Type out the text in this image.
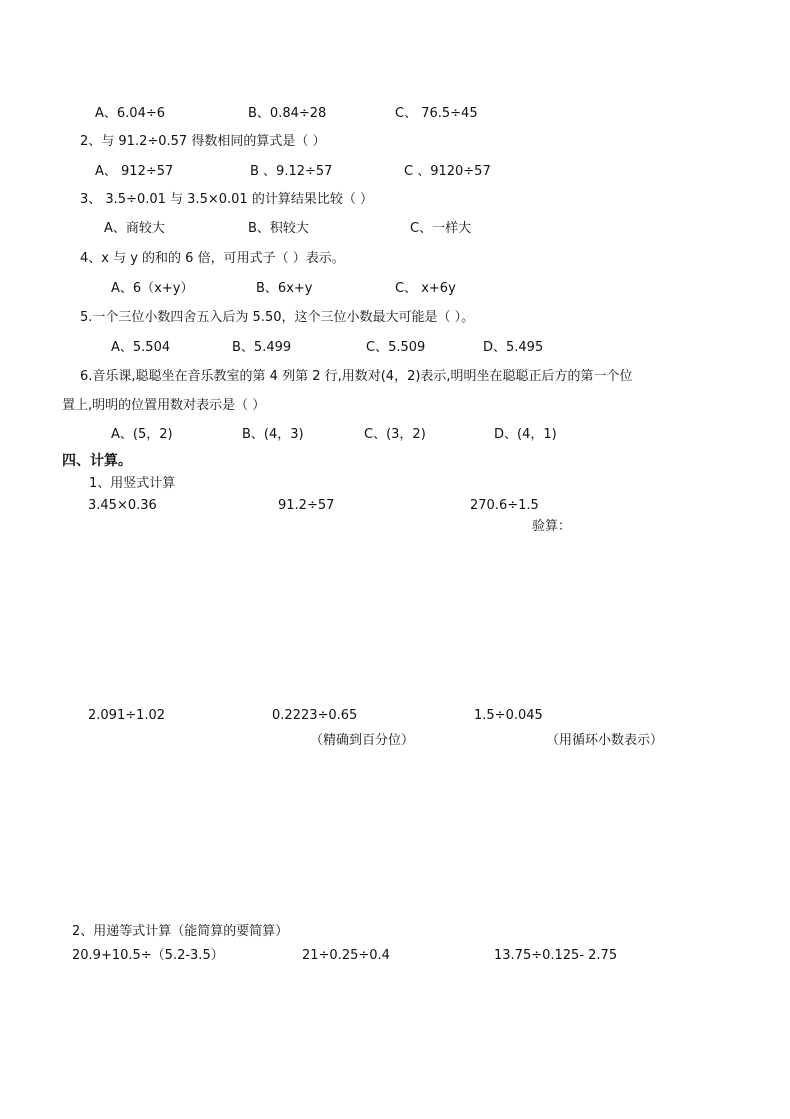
A、6.04÷6	B、0.84÷28	C、 76.5÷45
2、与 91.2÷0.57 得数相同的算式是（ ）
A、 912÷57	B 、9.12÷57	C 、9120÷57
3、 3.5÷0.01 与 3.5×0.01 的计算结果比较（ ）
A、商较大	B、积较大	C、一样大
4、x 与 y 的和的 6 倍，可用式子（ ）表示。
A、6（x+y）	B、6x+y	C、 x+6y
5.一个三位小数四舍五入后为 5.50，这个三位小数最大可能是（ ）。
A、5.504	B、5.499	C、5.509	D、5.495
6.音乐课,聪聪坐在音乐教室的第 4 列第 2 行,用数对(4，2)表示,明明坐在聪聪正后方的第一个位
置上,明明的位置用数对表示是（ ）
A、(5，2)	B、(4，3)	C、(3，2)	D、(4，1)
四、计算。
1、用竖式计算
3.45×0.36	91.2÷57	270.6÷1.5
验算：
2.091÷1.02	0.2223÷0.65	1.5÷0.045
（精确到百分位）	（用循环小数表示）
2、用递等式计算（能简算的要简算）
20.9+10.5÷（5.2-3.5）	21÷0.25÷0.4	13.75÷0.125- 2.75
